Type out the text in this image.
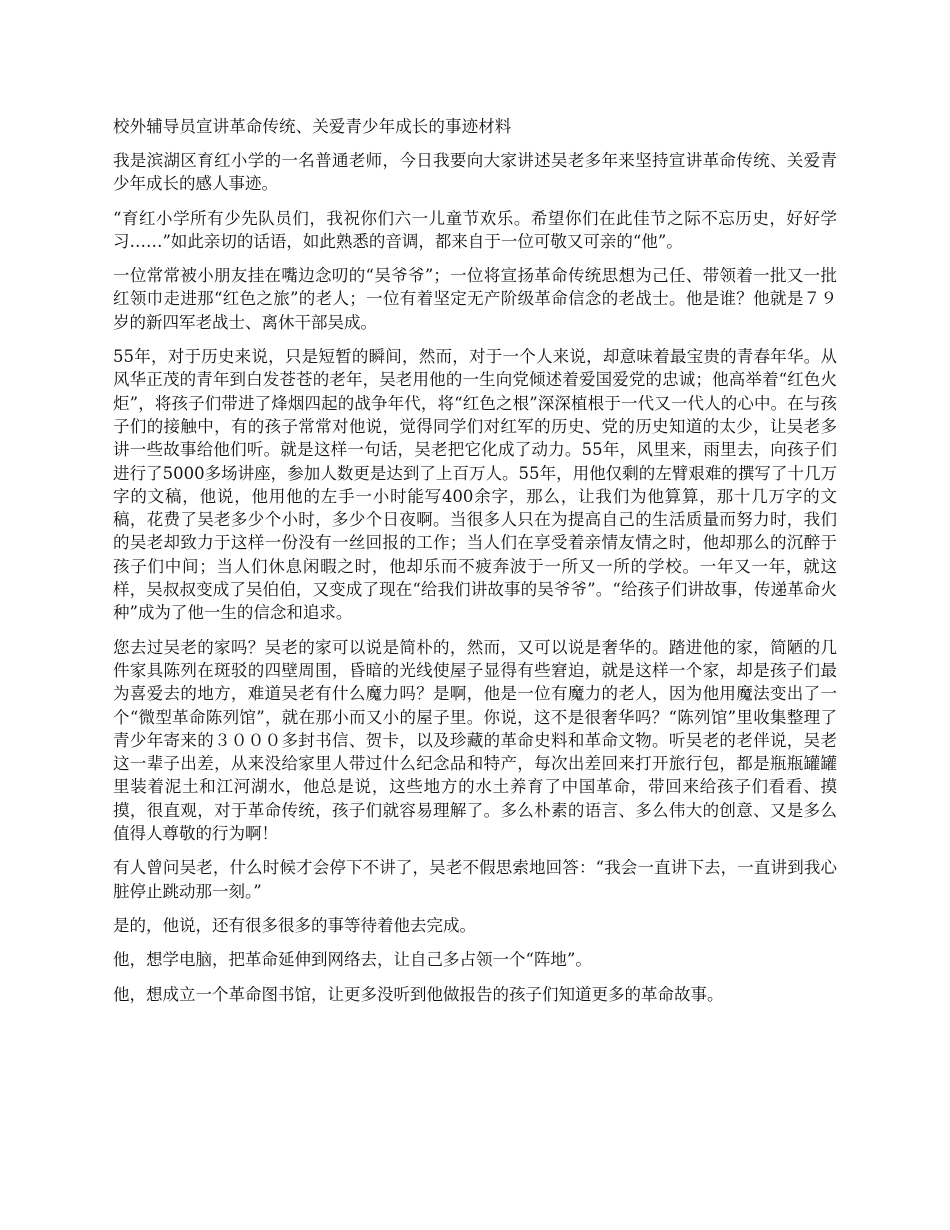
校外辅导员宣讲革命传统、关爱青少年成长的事迹材料

我是滨湖区育红小学的一名普通老师，今日我要向大家讲述吴老多年来坚持宣讲革命传统、关爱青少年成长的感人事迹。

“育红小学所有少先队员们，我祝你们六一儿童节欢乐。希望你们在此佳节之际不忘历史，好好学习……”如此亲切的话语，如此熟悉的音调，都来自于一位可敬又可亲的“他”。

一位常常被小朋友挂在嘴边念叨的“吴爷爷”；一位将宣扬革命传统思想为己任、带领着一批又一批红领巾走进那“红色之旅”的老人；一位有着坚定无产阶级革命信念的老战士。他是谁？他就是７９岁的新四军老战士、离休干部吴成。

55年，对于历史来说，只是短暂的瞬间，然而，对于一个人来说，却意味着最宝贵的青春年华。从风华正茂的青年到白发苍苍的老年，吴老用他的一生向党倾述着爱国爱党的忠诚；他高举着“红色火炬”，将孩子们带进了烽烟四起的战争年代，将“红色之根”深深植根于一代又一代人的心中。在与孩子们的接触中，有的孩子常常对他说，觉得同学们对红军的历史、党的历史知道的太少，让吴老多讲一些故事给他们听。就是这样一句话，吴老把它化成了动力。55年，风里来，雨里去，向孩子们进行了5000多场讲座，参加人数更是达到了上百万人。55年，用他仅剩的左臂艰难的撰写了十几万字的文稿，他说，他用他的左手一小时能写400余字，那么，让我们为他算算，那十几万字的文稿，花费了吴老多少个小时，多少个日夜啊。当很多人只在为提高自己的生活质量而努力时，我们的吴老却致力于这样一份没有一丝回报的工作；当人们在享受着亲情友情之时，他却那么的沉醉于孩子们中间；当人们休息闲暇之时，他却乐而不疲奔波于一所又一所的学校。一年又一年，就这样，吴叔叔变成了吴伯伯，又变成了现在“给我们讲故事的吴爷爷”。“给孩子们讲故事，传递革命火种”成为了他一生的信念和追求。

您去过吴老的家吗？吴老的家可以说是简朴的，然而，又可以说是奢华的。踏进他的家，简陋的几件家具陈列在斑驳的四壁周围，昏暗的光线使屋子显得有些窘迫，就是这样一个家，却是孩子们最为喜爱去的地方，难道吴老有什么魔力吗？是啊，他是一位有魔力的老人，因为他用魔法变出了一个“微型革命陈列馆”，就在那小而又小的屋子里。你说，这不是很奢华吗？“陈列馆”里收集整理了青少年寄来的３０００多封书信、贺卡，以及珍藏的革命史料和革命文物。听吴老的老伴说，吴老这一辈子出差，从来没给家里人带过什么纪念品和特产，每次出差回来打开旅行包，都是瓶瓶罐罐里装着泥土和江河湖水，他总是说，这些地方的水土养育了中国革命，带回来给孩子们看看、摸摸，很直观，对于革命传统，孩子们就容易理解了。多么朴素的语言、多么伟大的创意、又是多么值得人尊敬的行为啊！

有人曾问吴老，什么时候才会停下不讲了，吴老不假思索地回答：“我会一直讲下去，一直讲到我心脏停止跳动那一刻。”

是的，他说，还有很多很多的事等待着他去完成。

他，想学电脑，把革命延伸到网络去，让自己多占领一个“阵地”。

他，想成立一个革命图书馆，让更多没听到他做报告的孩子们知道更多的革命故事。
